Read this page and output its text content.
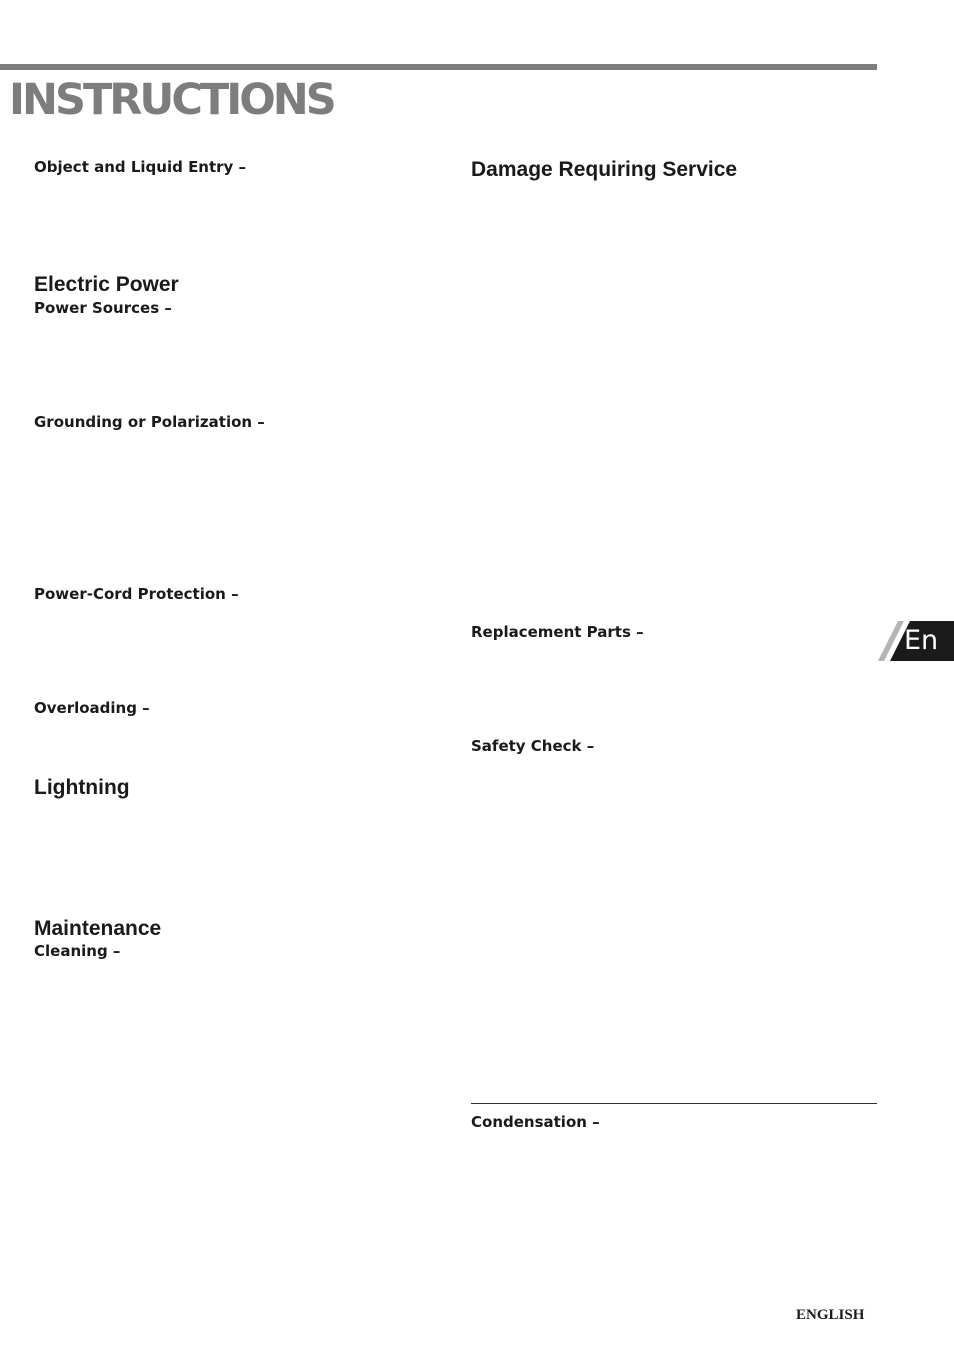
INSTRUCTIONS
Object and Liquid Entry –
Electric Power
Power Sources –
Grounding or Polarization –
Power-Cord Protection –
Overloading –
Lightning
Maintenance
Cleaning –
Damage Requiring Service
Replacement Parts –
Safety Check –
Condensation –
En
ENGLISH
